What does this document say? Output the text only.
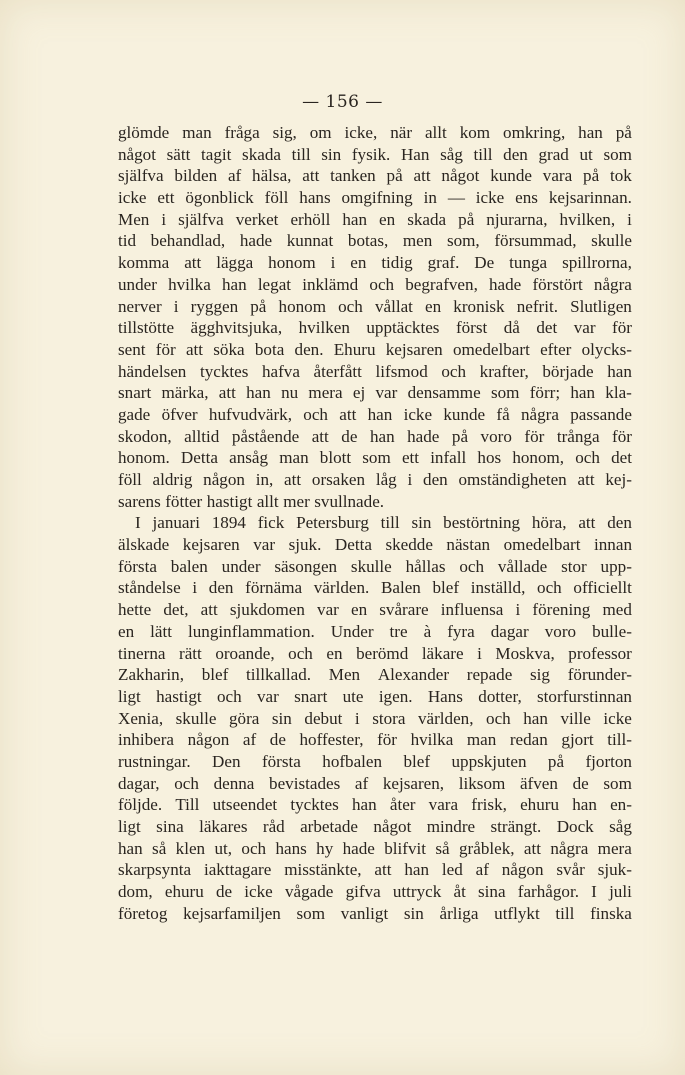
— 156 —
glömde man fråga sig, om icke, när allt kom omkring, han på
något sätt tagit skada till sin fysik. Han såg till den grad ut som
själfva bilden af hälsa, att tanken på att något kunde vara på tok
icke ett ögonblick föll hans omgifning in — icke ens kejsarinnan.
Men i själfva verket erhöll han en skada på njurarna, hvilken, i
tid behandlad, hade kunnat botas, men som, försummad, skulle
komma att lägga honom i en tidig graf. De tunga spillrorna,
under hvilka han legat inklämd och begrafven, hade förstört några
nerver i ryggen på honom och vållat en kronisk nefrit. Slutligen
tillstötte ägghvitsjuka, hvilken upptäcktes först då det var för
sent för att söka bota den. Ehuru kejsaren omedelbart efter olycks-
händelsen tycktes hafva återfått lifsmod och krafter, började han
snart märka, att han nu mera ej var densamme som förr; han kla-
gade öfver hufvudvärk, och att han icke kunde få några passande
skodon, alltid påstående att de han hade på voro för trånga för
honom. Detta ansåg man blott som ett infall hos honom, och det
föll aldrig någon in, att orsaken låg i den omständigheten att kej-
sarens fötter hastigt allt mer svullnade.
I januari 1894 fick Petersburg till sin bestörtning höra, att den
älskade kejsaren var sjuk. Detta skedde nästan omedelbart innan
första balen under säsongen skulle hållas och vållade stor upp-
ståndelse i den förnäma världen. Balen blef inställd, och officiellt
hette det, att sjukdomen var en svårare influensa i förening med
en lätt lunginflammation. Under tre à fyra dagar voro bulle-
tinerna rätt oroande, och en berömd läkare i Moskva, professor
Zakharin, blef tillkallad. Men Alexander repade sig förunder-
ligt hastigt och var snart ute igen. Hans dotter, storfurstinnan
Xenia, skulle göra sin debut i stora världen, och han ville icke
inhibera någon af de hoffester, för hvilka man redan gjort till-
rustningar. Den första hofbalen blef uppskjuten på fjorton
dagar, och denna bevistades af kejsaren, liksom äfven de som
följde. Till utseendet tycktes han åter vara frisk, ehuru han en-
ligt sina läkares råd arbetade något mindre strängt. Dock såg
han så klen ut, och hans hy hade blifvit så gråblek, att några mera
skarpsynta iakttagare misstänkte, att han led af någon svår sjuk-
dom, ehuru de icke vågade gifva uttryck åt sina farhågor. I juli
företog kejsarfamiljen som vanligt sin årliga utflykt till finska
